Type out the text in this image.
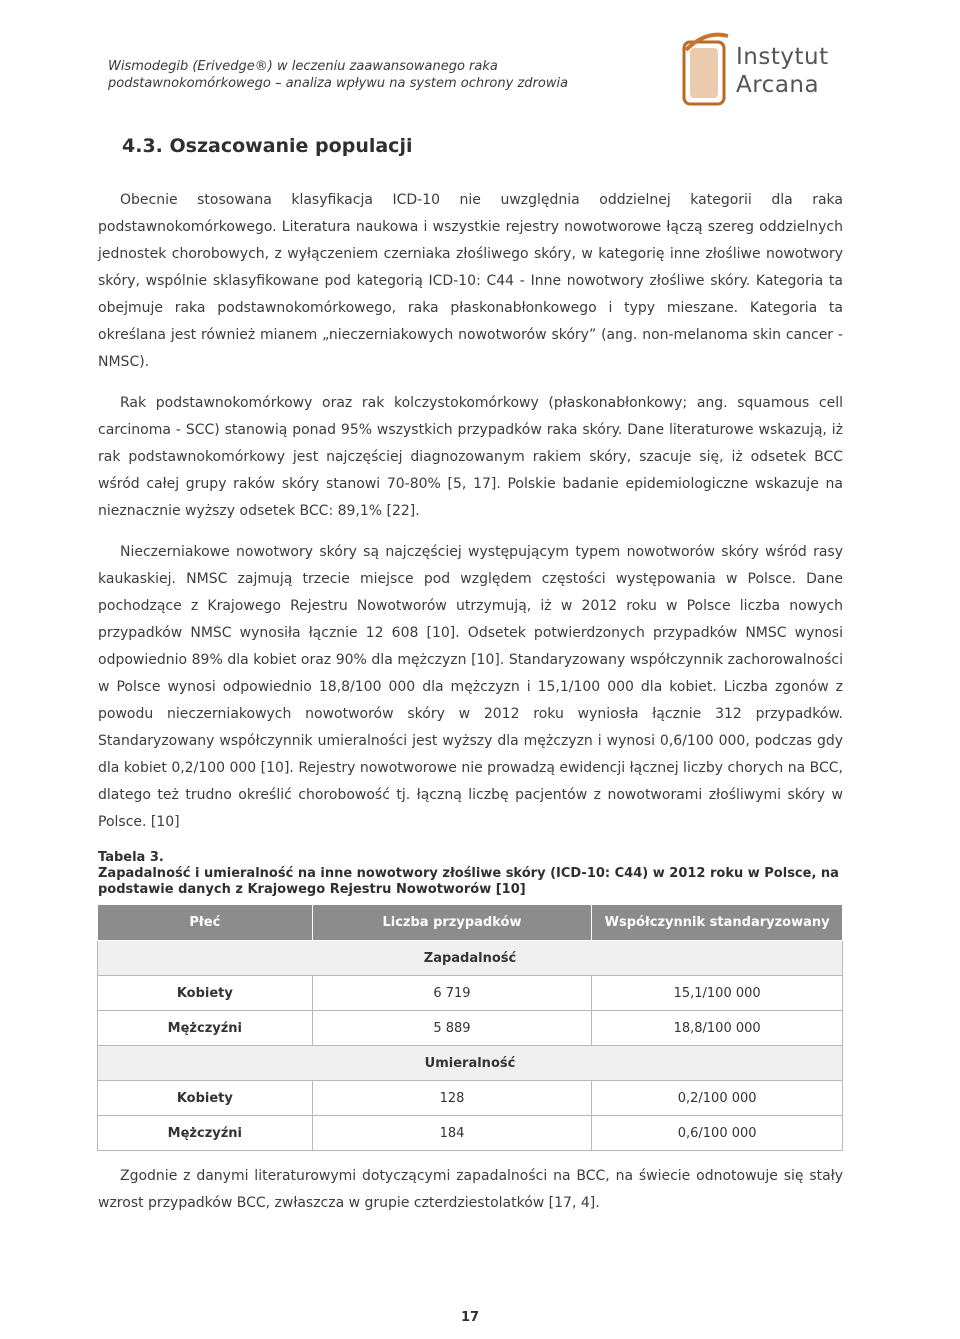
Wismodegib (Erivedge®) w leczeniu zaawansowanego raka
podstawnokomórkowego – analiza wpływu na system ochrony zdrowia
Instytut
Arcana
4.3. Oszacowanie populacji

Obecnie stosowana klasyfikacja ICD-10 nie uwzględnia oddzielnej kategorii dla raka podstawnokomórkowego. Literatura naukowa i wszystkie rejestry nowotworowe łączą szereg oddzielnych jednostek chorobowych, z wyłączeniem czerniaka złośliwego skóry, w kategorię inne złośliwe nowotwory skóry, wspólnie sklasyfikowane pod kategorią ICD-10: C44 - Inne nowotwory złośliwe skóry. Kategoria ta obejmuje raka podstawnokomórkowego, raka płaskonabłonkowego i typy mieszane. Kategoria ta określana jest również mianem „nieczerniakowych nowotworów skóry” (ang. non-melanoma skin cancer - NMSC).

Rak podstawnokomórkowy oraz rak kolczystokomórkowy (płaskonabłonkowy; ang. squamous cell carcinoma - SCC) stanowią ponad 95% wszystkich przypadków raka skóry. Dane literaturowe wskazują, iż rak podstawnokomórkowy jest najczęściej diagnozowanym rakiem skóry, szacuje się, iż odsetek BCC wśród całej grupy raków skóry stanowi 70-80% [5, 17]. Polskie badanie epidemiologiczne wskazuje na nieznacznie wyższy odsetek BCC: 89,1% [22].

Nieczerniakowe nowotwory skóry są najczęściej występującym typem nowotworów skóry wśród rasy kaukaskiej. NMSC zajmują trzecie miejsce pod względem częstości występowania w Polsce. Dane pochodzące z Krajowego Rejestru Nowotworów utrzymują, iż w 2012 roku w Polsce liczba nowych przypadków NMSC wynosiła łącznie 12 608 [10]. Odsetek potwierdzonych przypadków NMSC wynosi odpowiednio 89% dla kobiet oraz 90% dla mężczyzn [10]. Standaryzowany współczynnik zachorowalności w Polsce wynosi odpowiednio 18,8/100 000 dla mężczyzn i 15,1/100 000 dla kobiet. Liczba zgonów z powodu nieczerniakowych nowotworów skóry w 2012 roku wyniosła łącznie 312 przypadków. Standaryzowany współczynnik umieralności jest wyższy dla mężczyzn i wynosi 0,6/100 000, podczas gdy dla kobiet 0,2/100 000 [10]. Rejestry nowotworowe nie prowadzą ewidencji łącznej liczby chorych na BCC, dlatego też trudno określić chorobowość tj. łączną liczbę pacjentów z nowotworami złośliwymi skóry w Polsce. [10]

Tabela 3.
Zapadalność i umieralność na inne nowotwory złośliwe skóry (ICD-10: C44) w 2012 roku w Polsce, na podstawie danych z Krajowego Rejestru Nowotworów [10]
Płeć	Liczba przypadków	Współczynnik standaryzowany
Zapadalność		
Kobiety	6 719	15,1/100 000
Mężczyźni	5 889	18,8/100 000
Umieralność		
Kobiety	128	0,2/100 000
Mężczyźni	184	0,6/100 000

Zgodnie z danymi literaturowymi dotyczącymi zapadalności na BCC, na świecie odnotowuje się stały wzrost przypadków BCC, zwłaszcza w grupie czterdziestolatków [17, 4].

17
